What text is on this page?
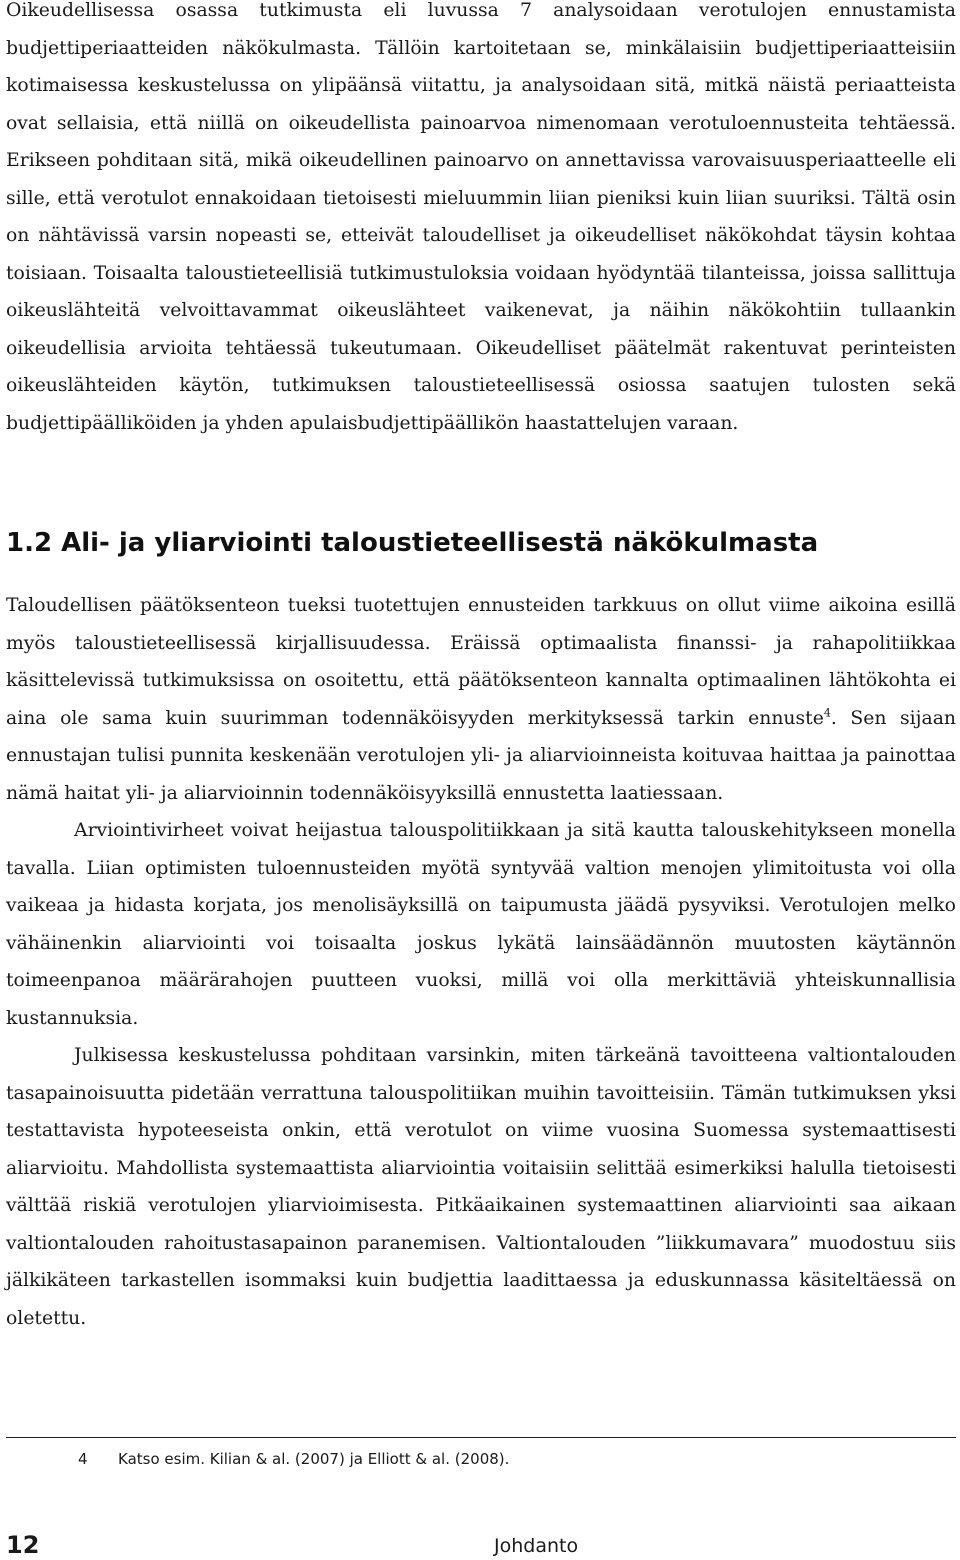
Oikeudellisessa osassa tutkimusta eli luvussa 7 analysoidaan verotulojen ennustamista budjettiperiaatteiden näkökulmasta. Tällöin kartoitetaan se, minkälaisiin budjettiperiaatteisiin kotimaisessa keskustelussa on ylipäänsä viitattu, ja analysoidaan sitä, mitkä näistä periaatteista ovat sellaisia, että niillä on oikeudellista painoarvoa nimenomaan verotuloennusteita tehtäessä. Erikseen pohditaan sitä, mikä oikeudellinen painoarvo on annettavissa varovaisuusperiaatteelle eli sille, että verotulot ennakoidaan tietoisesti mieluummin liian pieniksi kuin liian suuriksi. Tältä osin on nähtävissä varsin nopeasti se, etteivät taloudelliset ja oikeudelliset näkökohdat täysin kohtaa toisiaan. Toisaalta taloustieteellisiä tutkimustuloksia voidaan hyödyntää tilanteissa, joissa sallittuja oikeuslähteitä velvoittavammat oikeuslähteet vaikenevat, ja näihin näkökohtiin tullaankin oikeudellisia arvioita tehtäessä tukeutumaan. Oikeudelliset päätelmät rakentuvat perinteisten oikeuslähteiden käytön, tutkimuksen taloustieteellisessä osiossa saatujen tulosten sekä budjettipäälliköiden ja yhden apulaisbudjettipäällikön haastattelujen varaan.

1.2 Ali- ja yliarviointi taloustieteellisestä näkökulmasta

Taloudellisen päätöksenteon tueksi tuotettujen ennusteiden tarkkuus on ollut viime aikoina esillä myös taloustieteellisessä kirjallisuudessa. Eräissä optimaalista finanssi- ja rahapolitiikkaa käsittelevissä tutkimuksissa on osoitettu, että päätöksenteon kannalta optimaalinen lähtökohta ei aina ole sama kuin suurimman todennäköisyyden merkityksessä tarkin ennuste$^4$. Sen sijaan ennustajan tulisi punnita keskenään verotulojen yli- ja aliarvioinneista koituvaa haittaa ja painottaa nämä haitat yli- ja aliarvioinnin todennäköisyyksillä ennustetta laatiessaan.

Arviointivirheet voivat heijastua talouspolitiikkaan ja sitä kautta talouskehitykseen monella tavalla. Liian optimisten tuloennusteiden myötä syntyvää valtion menojen ylimitoitusta voi olla vaikeaa ja hidasta korjata, jos menolisäyksillä on taipumusta jäädä pysyviksi. Verotulojen melko vähäinenkin aliarviointi voi toisaalta joskus lykätä lainsäädännön muutosten käytännön toimeenpanoa määrärahojen puutteen vuoksi, millä voi olla merkittäviä yhteiskunnallisia kustannuksia.

Julkisessa keskustelussa pohditaan varsinkin, miten tärkeänä tavoitteena valtiontalouden tasapainoisuutta pidetään verrattuna talouspolitiikan muihin tavoitteisiin. Tämän tutkimuksen yksi testattavista hypoteeseista onkin, että verotulot on viime vuosina Suomessa systemaattisesti aliarvioitu. Mahdollista systemaattista aliarviointia voitaisiin selittää esimerkiksi halulla tietoisesti välttää riskiä verotulojen yliarvioimisesta. Pitkäaikainen systemaattinen aliarviointi saa aikaan valtiontalouden rahoitustasapainon paranemisen. Valtiontalouden ”liikkumavara” muodostuu siis jälkikäteen tarkastellen isommaksi kuin budjettia laadittaessa ja eduskunnassa käsiteltäessä on oletettu.

4 Katso esim. Kilian & al. (2007) ja Elliott & al. (2008).

12	Johdanto
